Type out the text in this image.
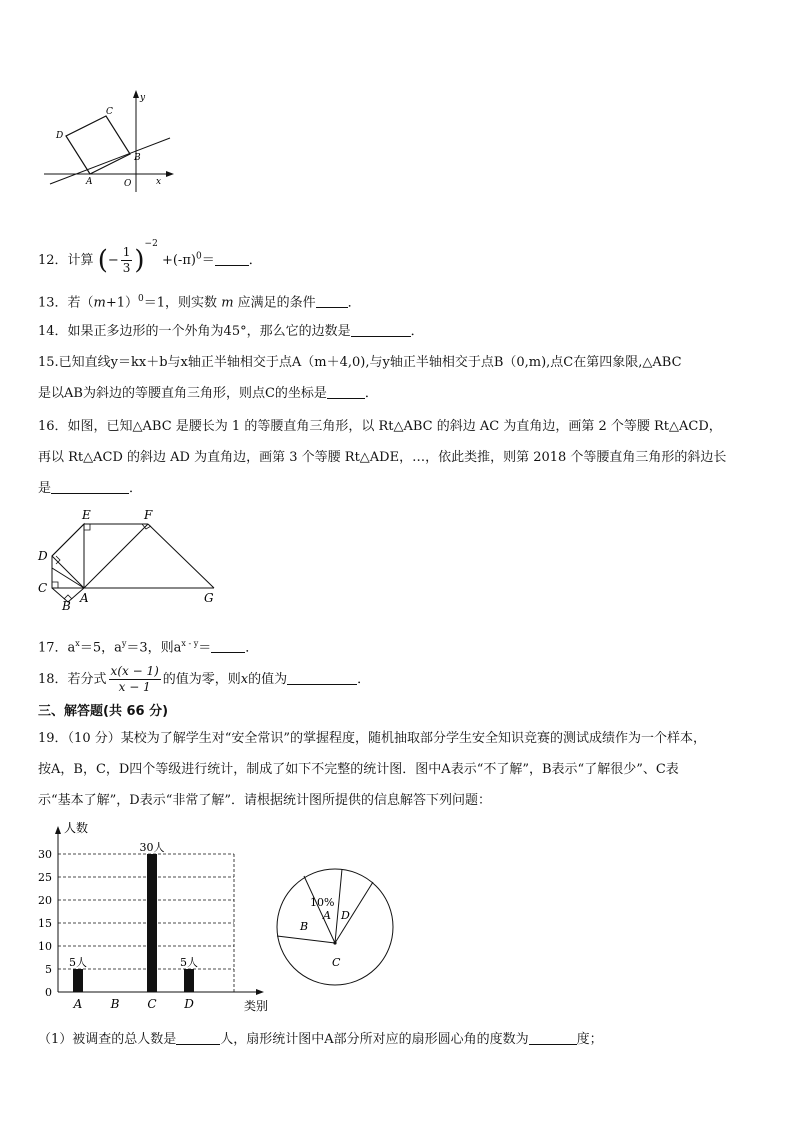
C
D
B
A	O	x
y
12．计算 (− $\frac{1}{3} )^{-2} +(-\pi)^0=$	．
13．若$(m+1)^0=1$，则实数 m 应满足的条件 ．
14．如果正多边形的一个外角为45°，那么它的边数是	．
15.已知直线y＝kx＋b与x轴正半轴相交于点A（m＋4,0),与y轴正半轴相交于点B（0,m),点C在第四象限,△ABC
是以AB为斜边的等腰直角三角形，则点C的坐标是	．
16．如图，已知△ABC 是腰长为 1 的等腰直角三角形，以 Rt△ABC 的斜边 AC 为直角边，画第 2 个等腰 Rt△ACD，
再以 Rt△ACD 的斜边 AD 为直角边，画第 3 个等腰 Rt△ADE，…，依此类推，则第 2018 个等腰直角三角形的斜边长
是	．
E	F
D
C
A
B
G
17．$a^x=5$，$a^y=3$，则$a^{x - y}=$	．
18．若分式 $\frac{x(x - 1)}{x - 1}$ 的值为零，则x的值为	．
三、解答题(共 66 分)
19．（10 分）某校为了解学生对“安全常识”的掌握程度，随机抽取部分学生安全知识竞赛的测试成绩作为一个样本，
按A，B，C，D四个等级进行统计，制成了如下不完整的统计图．图中A表示“不了解”，B表示“了解很少”、C表
示“基本了解”，D表示“非常了解”．请根据统计图所提供的信息解答下列问题：
人数
类别
0
5
10
15
20
25
30
A
5人
B C
30人
D
5人
10%
A D
B
C
（1）被调查的总人数是	人，扇形统计图中A部分所对应的扇形圆心角的度数为	度；
